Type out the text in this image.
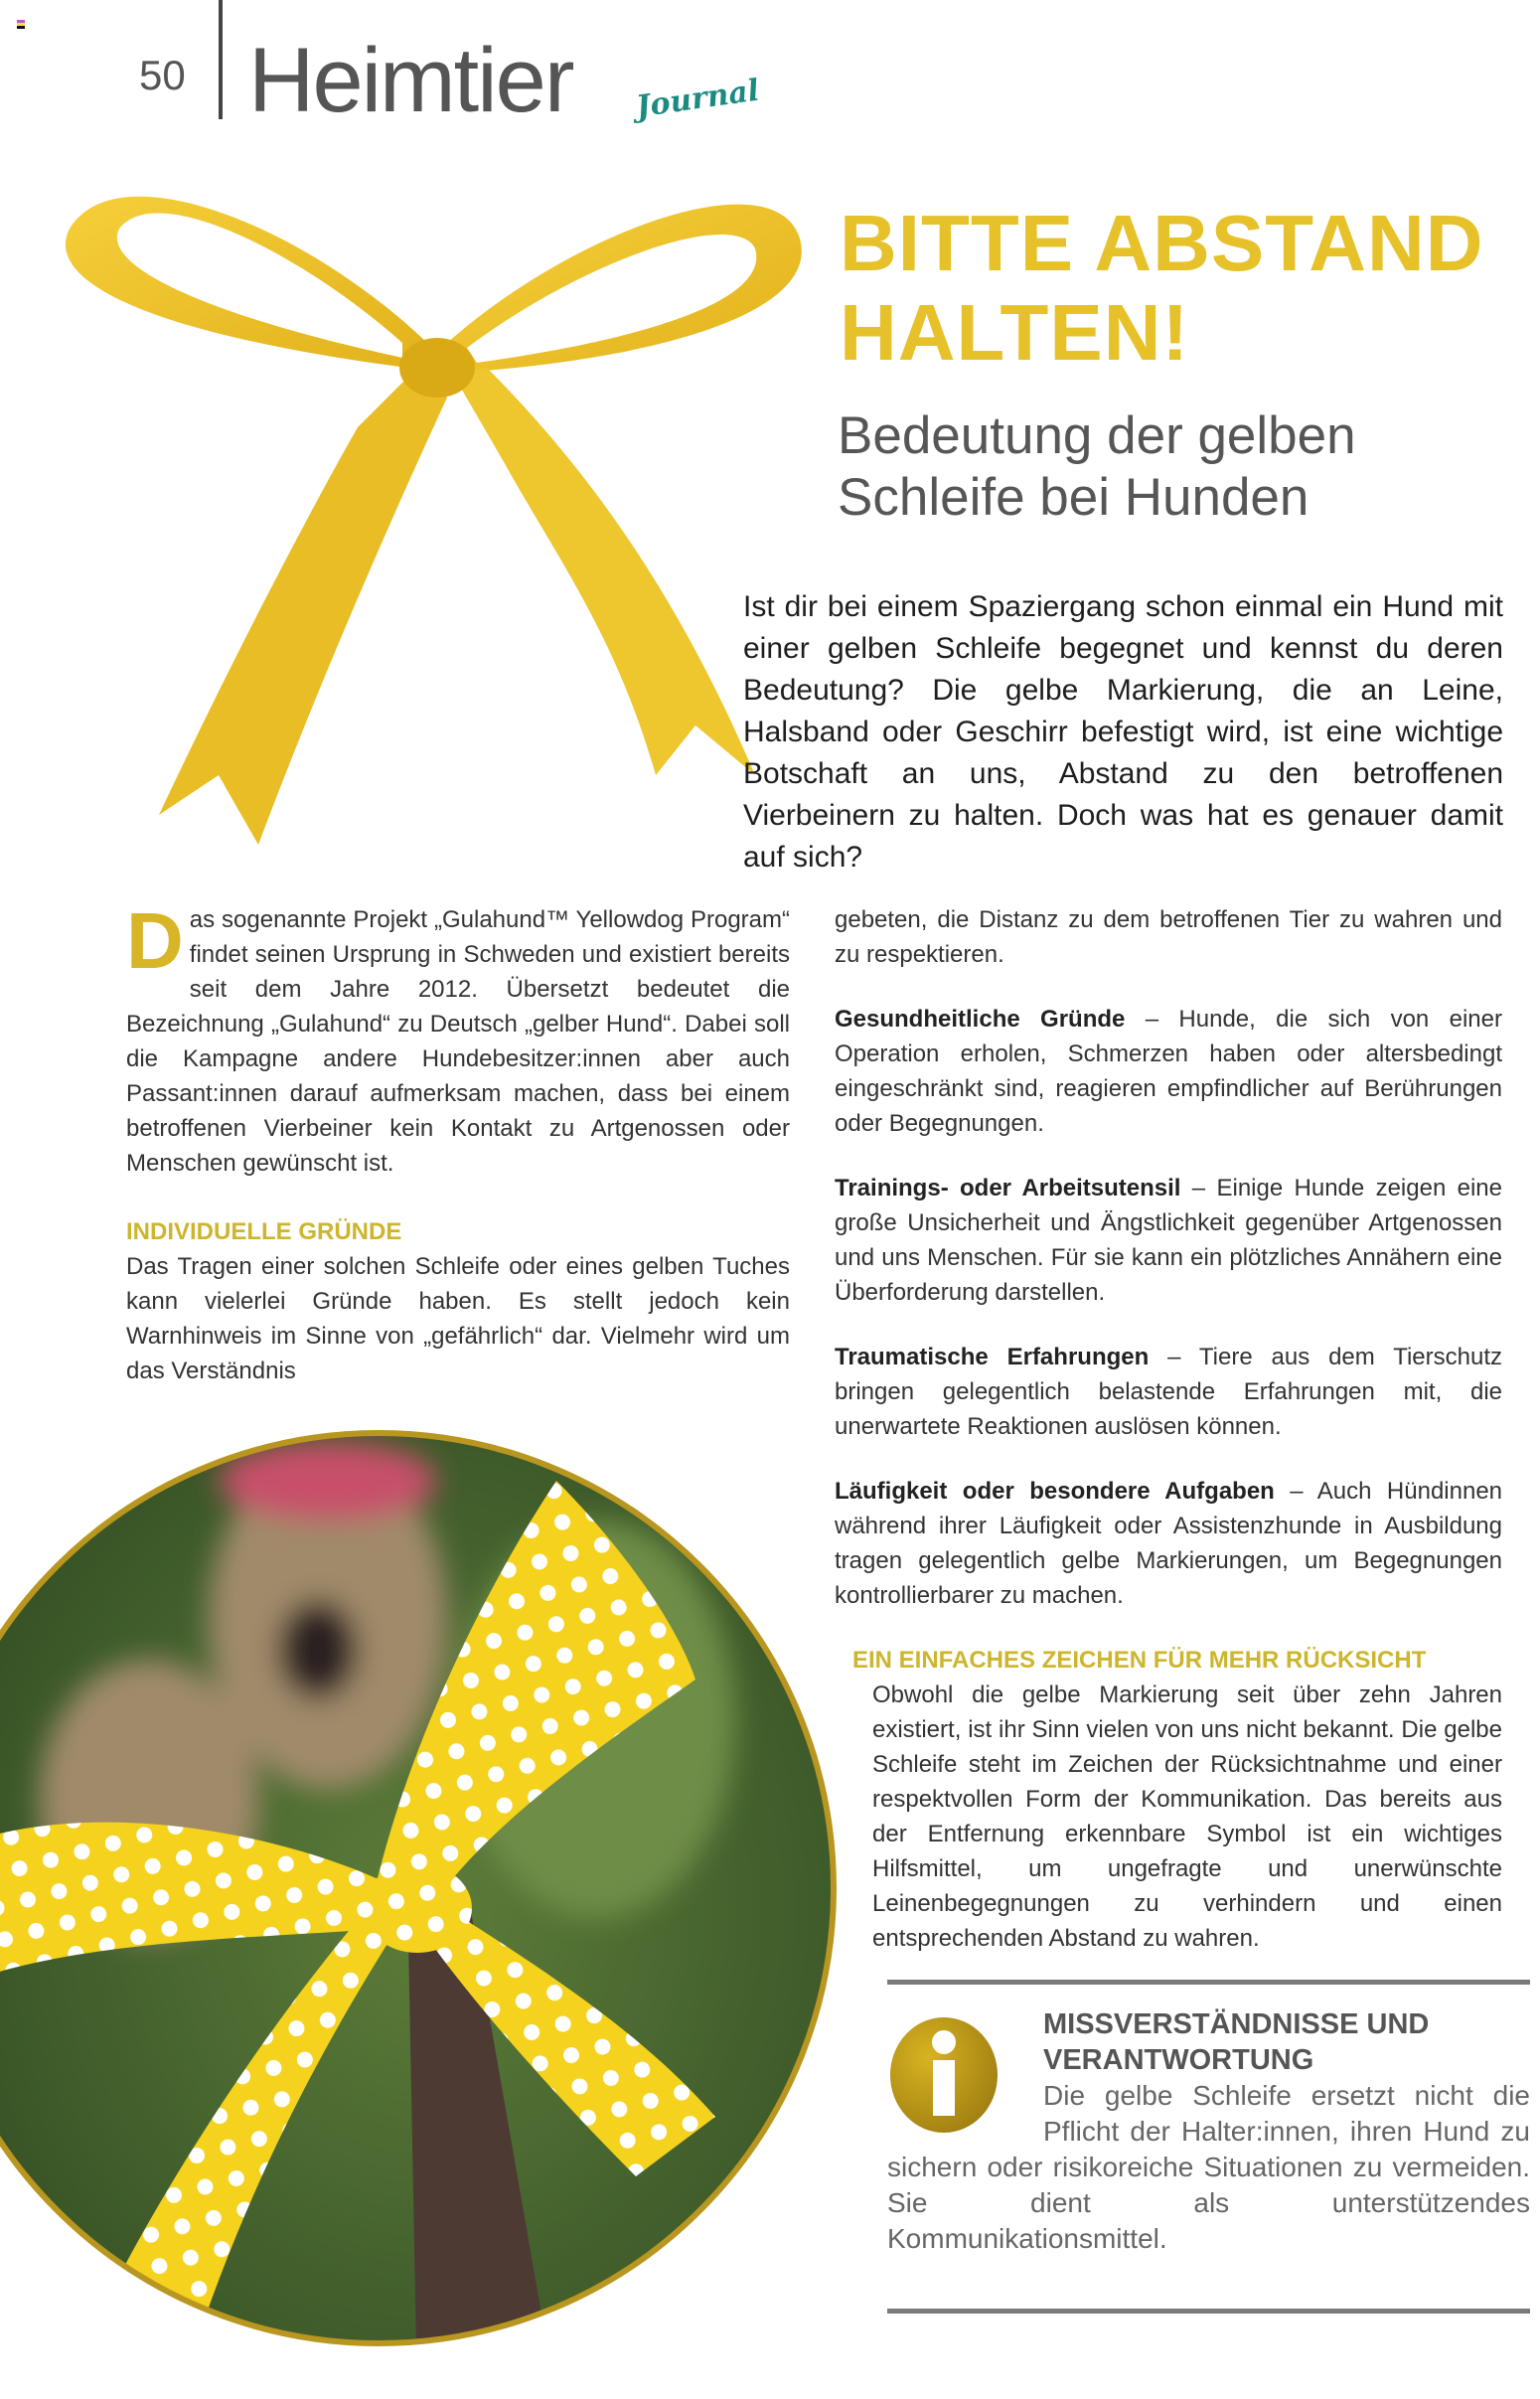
50 Heimtier Journal
BITTE ABSTAND
HALTEN!
Bedeutung der gelben
Schleife bei Hunden
Ist dir bei einem Spaziergang schon einmal ein Hund mit einer gelben Schleife begegnet und kennst du deren Bedeutung? Die gelbe Markierung, die an Leine, Halsband oder Geschirr befestigt wird, ist eine wichtige Botschaft an uns, Abstand zu den betroffenen Vierbeinern zu halten. Doch was hat es genauer damit auf sich?

Das sogenannte Projekt „Gulahund™ Yellowdog Program“ findet seinen Ursprung in Schweden und existiert bereits seit dem Jahre 2012. Übersetzt bedeutet die Bezeichnung „Gulahund“ zu Deutsch „gelber Hund“. Dabei soll die Kampagne andere Hundebesitzer:innen aber auch Passant:innen darauf aufmerksam machen, dass bei einem betroffenen Vierbeiner kein Kontakt zu Artgenossen oder Menschen gewünscht ist.

INDIVIDUELLE GRÜNDE

Das Tragen einer solchen Schleife oder eines gelben Tuches kann vielerlei Gründe haben. Es stellt jedoch kein Warnhinweis im Sinne von „gefährlich“ dar. Vielmehr wird um das Verständnis

gebeten, die Distanz zu dem betroffenen Tier zu wahren und zu respektieren.

Gesundheitliche Gründe – Hunde, die sich von einer Operation erholen, Schmerzen haben oder altersbedingt eingeschränkt sind, reagieren empfindlicher auf Berührungen oder Begegnungen.

Trainings- oder Arbeitsutensil – Einige Hunde zeigen eine große Unsicherheit und Ängstlichkeit gegenüber Artgenossen und uns Menschen. Für sie kann ein plötzliches Annähern eine Überforderung darstellen.

Traumatische Erfahrungen – Tiere aus dem Tierschutz bringen gelegentlich belastende Erfahrungen mit, die unerwartete Reaktionen auslösen können.

Läufigkeit oder besondere Aufgaben – Auch Hündinnen während ihrer Läufigkeit oder Assistenzhunde in Ausbildung tragen gelegentlich gelbe Markierungen, um Begegnungen kontrollierbarer zu machen.

EIN EINFACHES ZEICHEN FÜR MEHR RÜCKSICHT

Obwohl die gelbe Markierung seit über zehn Jahren existiert, ist ihr Sinn vielen von uns nicht bekannt. Die gelbe Schleife steht im Zeichen der Rücksichtnahme und einer respektvollen Form der Kommunikation. Das bereits aus der Entfernung erkennbare Symbol ist ein wichtiges Hilfsmittel, um ungefragte und unerwünschte Leinenbegegnungen zu verhindern und einen entsprechenden Abstand zu wahren.

MISSVERSTÄNDNISSE UND
VERANTWORTUNG

Die gelbe Schleife ersetzt nicht die Pflicht der Halter:innen, ihren Hund zu sichern oder risikoreiche Situationen zu vermeiden. Sie dient als unterstützendes Kommunikationsmittel.
